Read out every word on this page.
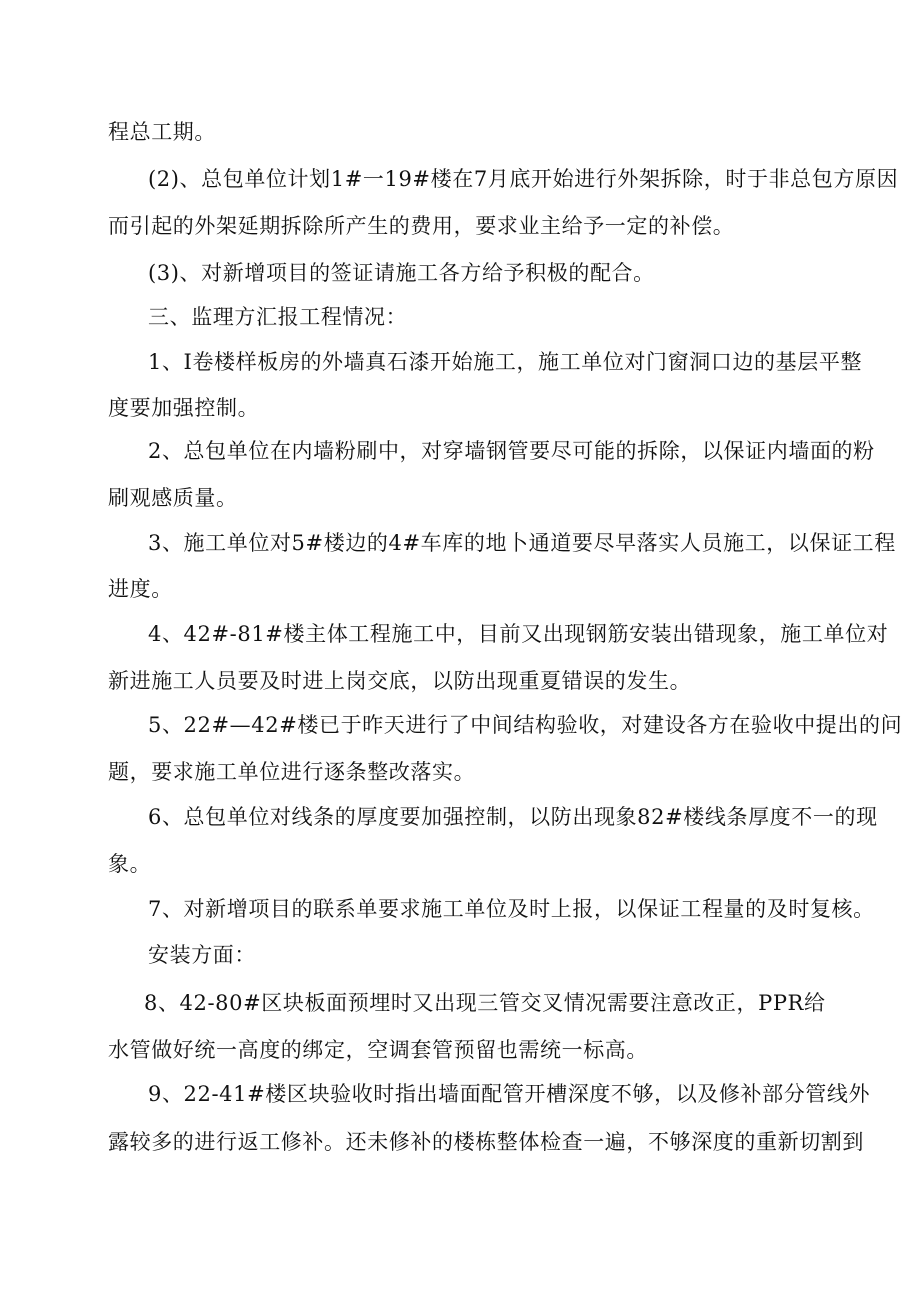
程总工期。
(2)、总包单位计划1#一19#楼在7月底开始进行外架拆除，时于非总包方原因
而引起的外架延期拆除所产生的费用，要求业主给予一定的补偿。
(3)、对新增项目的签证请施工各方给予积极的配合。
三、监理方汇报工程情况：
1、I卷楼样板房的外墙真石漆开始施工，施工单位对门窗洞口边的基层平整
度要加强控制。
2、总包单位在内墙粉刷中，对穿墙钢管要尽可能的拆除，以保证内墙面的粉
刷观感质量。
3、施工单位对5#楼边的4#车库的地卜通道要尽早落实人员施工，以保证工程
进度。
4、42#-81#楼主体工程施工中，目前又出现钢筋安装出错现象，施工单位对
新进施工人员要及时进上岗交底，以防出现重夏错误的发生。
5、22#—42#楼已于昨天进行了中间结构验收，对建设各方在验收中提出的问
题，要求施工单位进行逐条整改落实。
6、总包单位对线条的厚度要加强控制，以防出现象82#楼线条厚度不一的现
象。
7、对新增项目的联系单要求施工单位及时上报，以保证工程量的及时复核。
安装方面：
8、42-80#区块板面预埋时又出现三管交叉情况需要注意改正，PPR给
水管做好统一高度的绑定，空调套管预留也需统一标高。
9、22-41#楼区块验收时指出墙面配管开槽深度不够，以及修补部分管线外
露较多的进行返工修补。还未修补的楼栋整体检查一遍，不够深度的重新切割到
